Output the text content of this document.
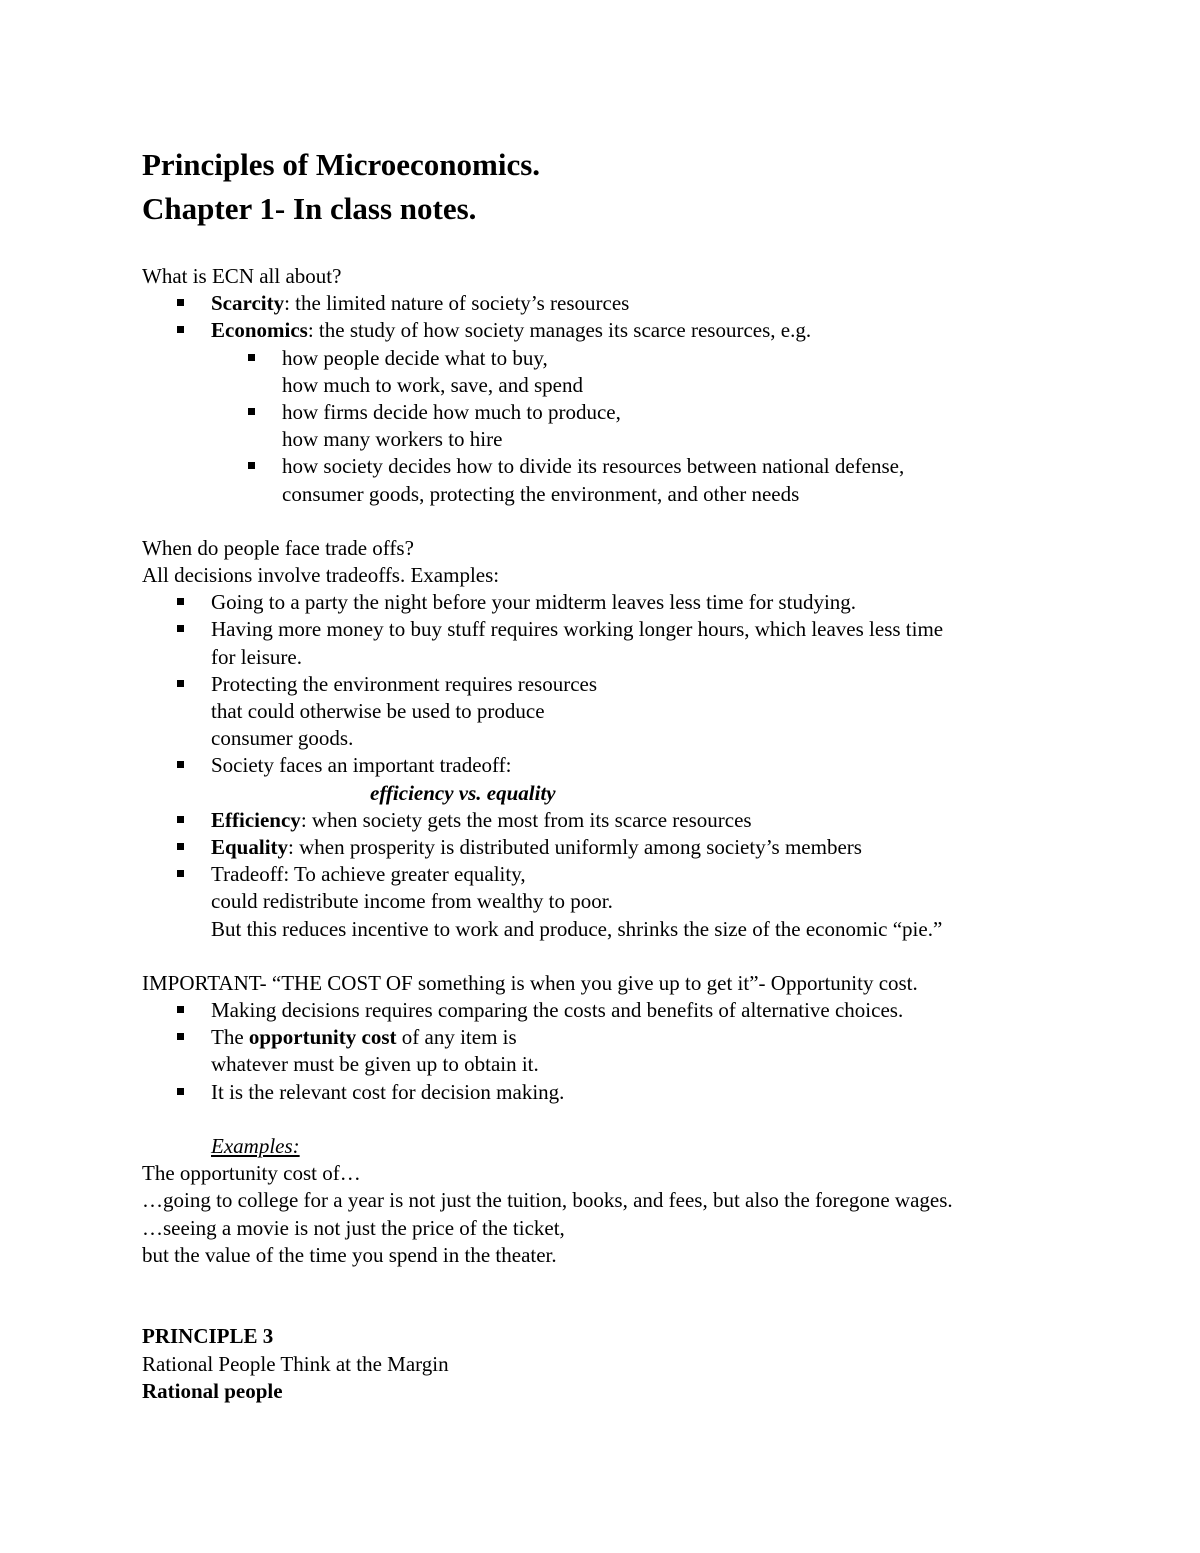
Principles of Microeconomics.
Chapter 1- In class notes.
What is ECN all about?
Scarcity: the limited nature of society’s resources
Economics: the study of how society manages its scarce resources, e.g.
how people decide what to buy,
how much to work, save, and spend
how firms decide how much to produce,
how many workers to hire
how society decides how to divide its resources between national defense,
consumer goods, protecting the environment, and other needs
When do people face trade offs?
All decisions involve tradeoffs. Examples:
Going to a party the night before your midterm leaves less time for studying.
Having more money to buy stuff requires working longer hours, which leaves less time
for leisure.
Protecting the environment requires resources
that could otherwise be used to produce
consumer goods.
Society faces an important tradeoff:
efficiency vs. equality
Efficiency: when society gets the most from its scarce resources
Equality: when prosperity is distributed uniformly among society’s members
Tradeoff: To achieve greater equality,
could redistribute income from wealthy to poor.
But this reduces incentive to work and produce, shrinks the size of the economic “pie.”
IMPORTANT- “THE COST OF something is when you give up to get it”- Opportunity cost.
Making decisions requires comparing the costs and benefits of alternative choices.
The opportunity cost of any item is
whatever must be given up to obtain it.
It is the relevant cost for decision making.
Examples:
The opportunity cost of…
…going to college for a year is not just the tuition, books, and fees, but also the foregone wages.
…seeing a movie is not just the price of the ticket,
but the value of the time you spend in the theater.
PRINCIPLE 3
Rational People Think at the Margin
Rational people
